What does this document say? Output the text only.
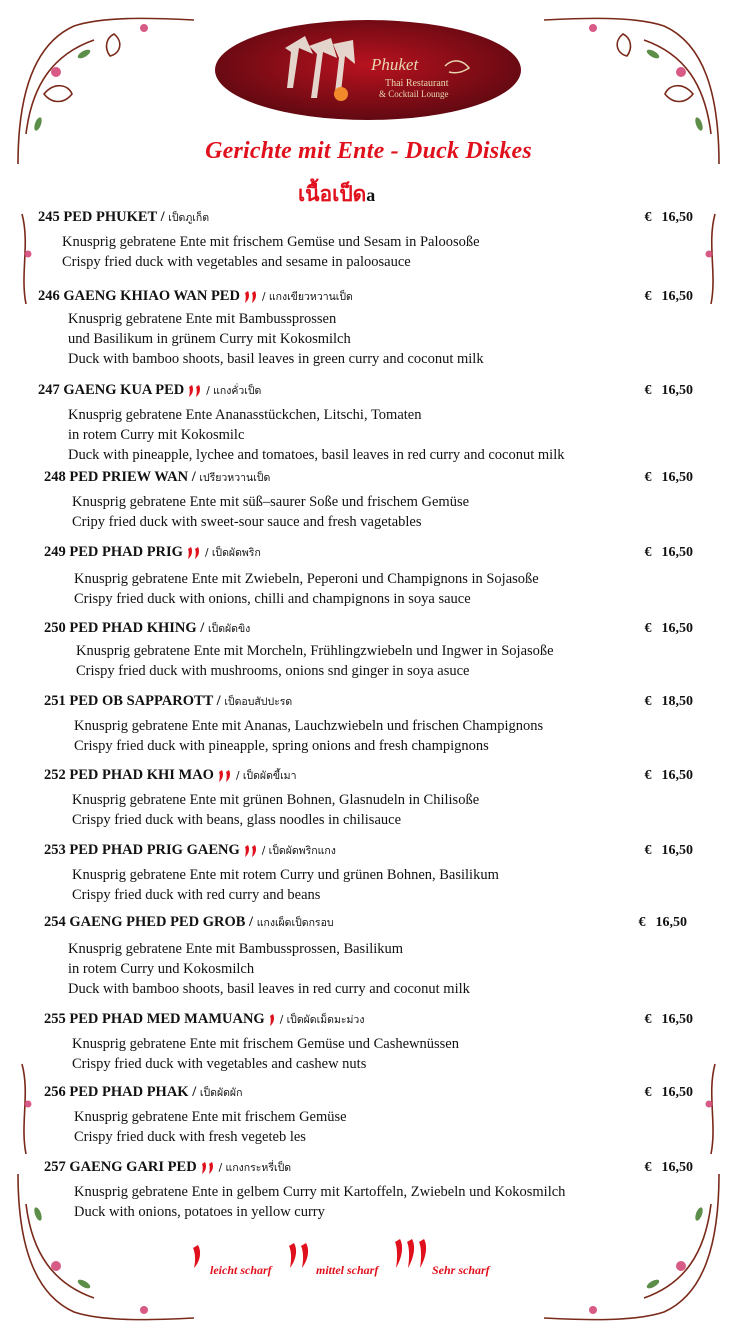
Phuket
Thai Restaurant
& Cocktail Lounge
Gerichte mit Ente - Duck Diskes
เนื้อเป็ดa
245 PED PHUKET / เป็ดภูเก็ต	€ 16,50
Knusprig gebratene Ente mit frischem Gemüse und Sesam in Paloosoße
Crispy fried duck with vegetables and sesame in paloosauce
246 GAENG KHIAO WAN PED / แกงเขียวหวานเป็ด	€ 16,50
Knusprig gebratene Ente mit Bambussprossen
und Basilikum in grünem Curry mit Kokosmilch
Duck with bamboo shoots, basil leaves in green curry and coconut milk
247 GAENG KUA PED / แกงคั่วเป็ด	€ 16,50
Knusprig gebratene Ente Ananasstückchen, Litschi, Tomaten
in rotem Curry mit Kokosmilc
Duck with pineapple, lychee and tomatoes, basil leaves in red curry and coconut milk
248 PED PRIEW WAN / เปรียวหวานเป็ด	€ 16,50
Knusprig gebratene Ente mit süß–saurer Soße und frischem Gemüse
Cripy fried duck with sweet-sour sauce and fresh vagetables
249 PED PHAD PRIG / เป็ดผัดพริก	€ 16,50
Knusprig gebratene Ente mit Zwiebeln, Peperoni und Champignons in Sojasoße
Crispy fried duck with onions, chilli and champignons in soya sauce
250 PED PHAD KHING / เป็ดผัดขิง	€ 16,50
Knusprig gebratene Ente mit Morcheln, Frühlingzwiebeln und Ingwer in Sojasoße
Crispy fried duck with mushrooms, onions snd ginger in soya asuce
251 PED OB SAPPAROTT / เป็ดอบสัปปะรด	€ 18,50
Knusprig gebratene Ente mit Ananas, Lauchzwiebeln und frischen Champignons
Crispy fried duck with pineapple, spring onions and fresh champignons
252 PED PHAD KHI MAO / เป็ดผัดขี้เมา	€ 16,50
Knusprig gebratene Ente mit grünen Bohnen, Glasnudeln in Chilisoße
Crispy fried duck with beans, glass noodles in chilisauce
253 PED PHAD PRIG GAENG / เป็ดผัดพริกแกง	€ 16,50
Knusprig gebratene Ente mit rotem Curry und grünen Bohnen, Basilikum
Crispy fried duck with red curry and beans
254 GAENG PHED PED GROB / แกงเผ็ดเป็ดกรอบ	€ 16,50
Knusprig gebratene Ente mit Bambussprossen, Basilikum
in rotem Curry und Kokosmilch
Duck with bamboo shoots, basil leaves in red curry and coconut milk
255 PED PHAD MED MAMUANG / เป็ดผัดเม็ดมะม่วง	€ 16,50
Knusprig gebratene Ente mit frischem Gemüse und Cashewnüssen
Crispy fried duck with vegetables and cashew nuts
256 PED PHAD PHAK / เป็ดผัดผัก	€ 16,50
Knusprig gebratene Ente mit frischem Gemüse
Crispy fried duck with fresh vegeteb les
257 GAENG GARI PED / แกงกระหรี่เป็ด	€ 16,50
Knusprig gebratene Ente in gelbem Curry mit Kartoffeln, Zwiebeln und Kokosmilch
Duck with onions, potatoes in yellow curry
leicht scharf	mittel scharf	Sehr scharf
